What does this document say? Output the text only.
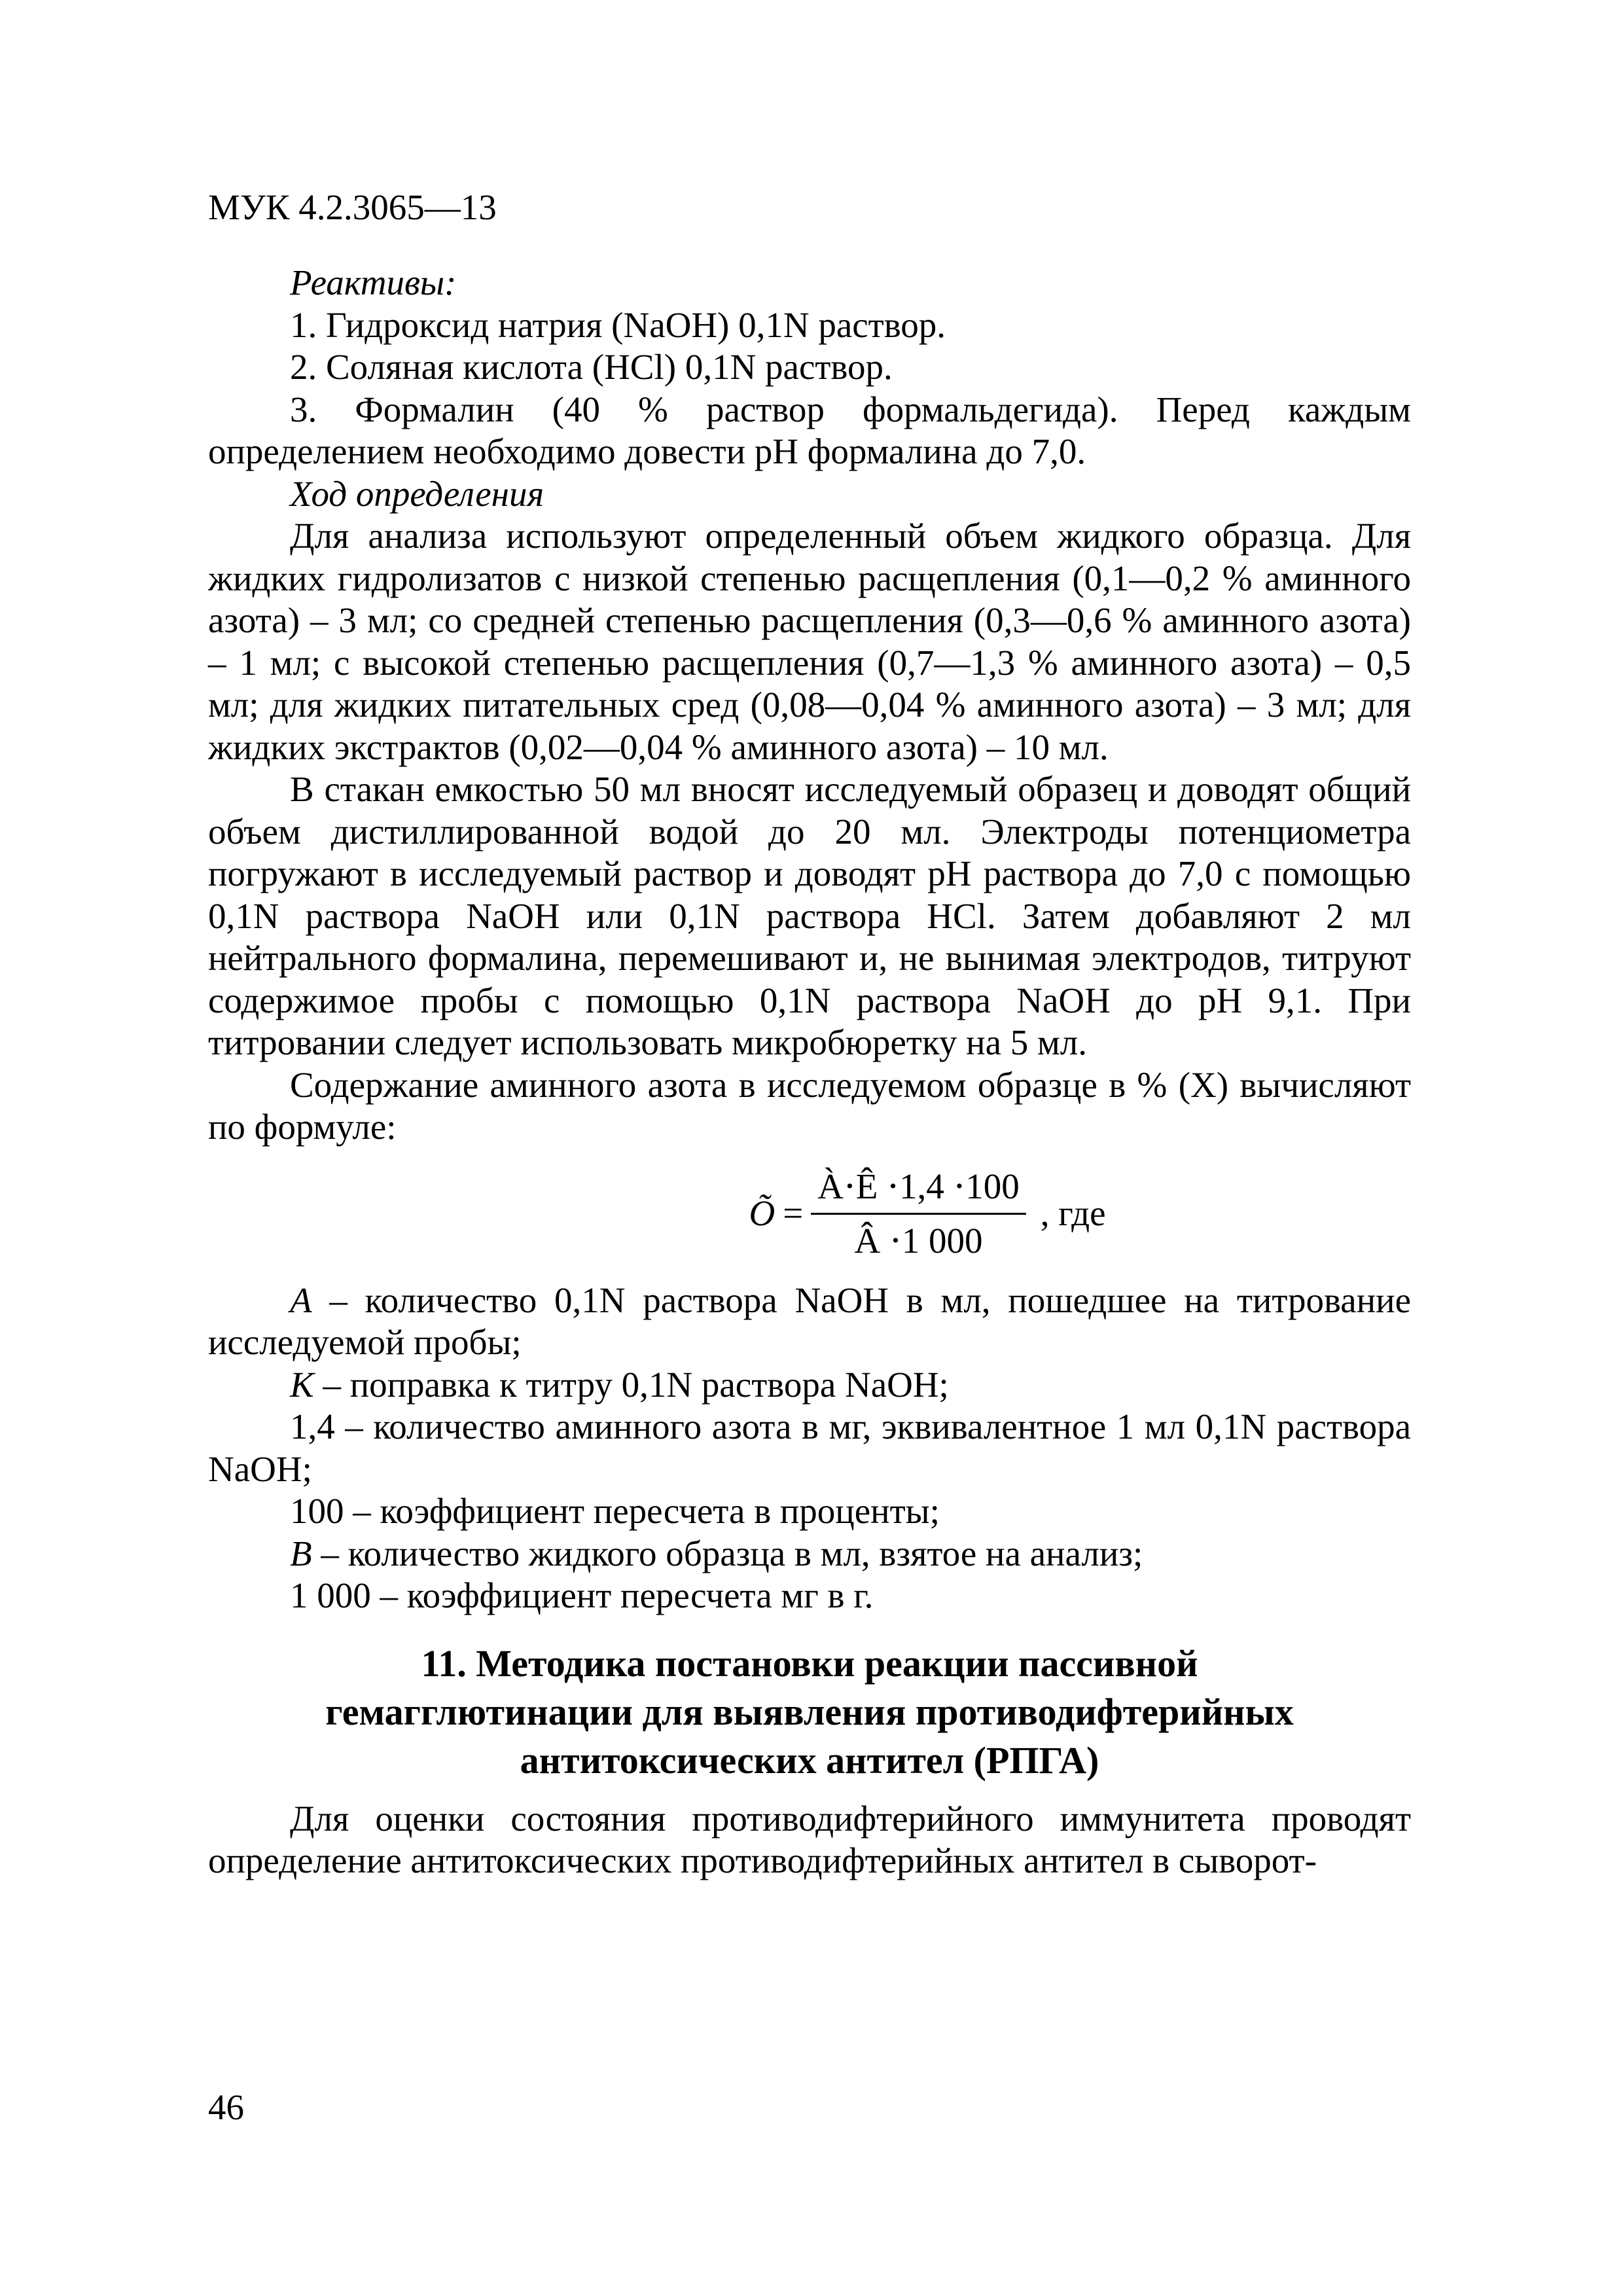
МУК 4.2.3065—13

Реактивы:

1. Гидроксид натрия (NaOH) 0,1N раствор.

2. Соляная кислота (HCl) 0,1N раствор.

3. Формалин (40 % раствор формальдегида). Перед каждым определением необходимо довести pH формалина до 7,0.

Ход определения

Для анализа используют определенный объем жидкого образца. Для жидких гидролизатов с низкой степенью расщепления (0,1—0,2 % аминного азота) – 3 мл; со средней степенью расщепления (0,3—0,6 % аминного азота) – 1 мл; с высокой степенью расщепления (0,7—1,3 % аминного азота) – 0,5 мл; для жидких питательных сред (0,08—0,04 % аминного азота) – 3 мл; для жидких экстрактов (0,02—0,04 % аминного азота) – 10 мл.

В стакан емкостью 50 мл вносят исследуемый образец и доводят общий объем дистиллированной водой до 20 мл. Электроды потенциометра погружают в исследуемый раствор и доводят pH раствора до 7,0 с помощью 0,1N раствора NaOH или 0,1N раствора HCl. Затем добавляют 2 мл нейтрального формалина, перемешивают и, не вынимая электродов, титруют содержимое пробы с помощью 0,1N раствора NaOH до pH 9,1. При титровании следует использовать микробюретку на 5 мл.

Содержание аминного азота в исследуемом образце в % (X) вычисляют по формуле:

Õ = $\frac{À\cdot Ê \cdot 1,4 \cdot 100}{Â \cdot 1 000}$ , где

A – количество 0,1N раствора NaOH в мл, пошедшее на титрование исследуемой пробы;

K – поправка к титру 0,1N раствора NaOH;

1,4 – количество аминного азота в мг, эквивалентное 1 мл 0,1N раствора NaOH;

100 – коэффициент пересчета в проценты;

B – количество жидкого образца в мл, взятое на анализ;

1 000 – коэффициент пересчета мг в г.

11. Методика постановки реакции пассивной
гемагглютинации для выявления противодифтерийных
антитоксических антител (РПГА)

Для оценки состояния противодифтерийного иммунитета проводят определение антитоксических противодифтерийных антител в сыворот-

46
